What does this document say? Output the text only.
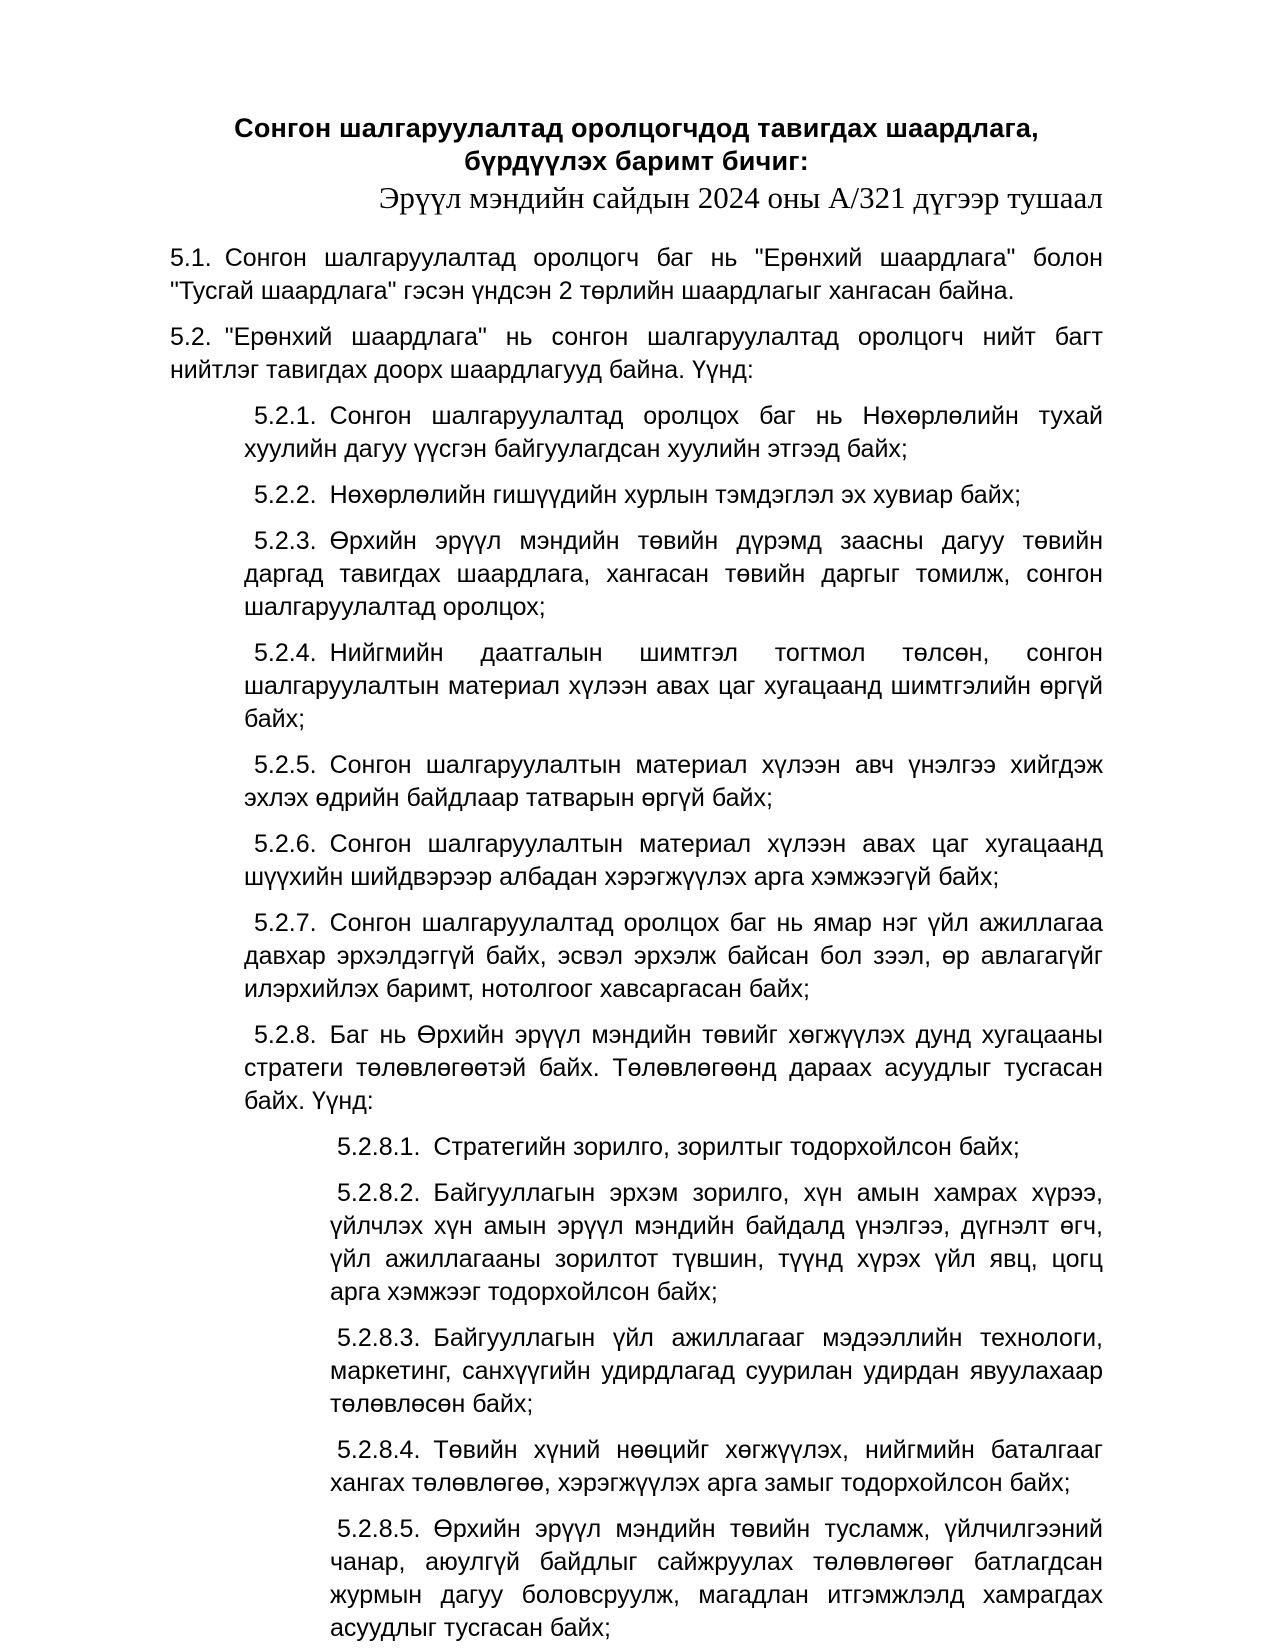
Сонгон шалгаруулалтад оролцогчдод тавигдах шаардлага,
бүрдүүлэх баримт бичиг:
Эрүүл мэндийн сайдын 2024 оны А/321 дүгээр тушаал

5.1. Сонгон шалгаруулалтад оролцогч баг нь "Ерөнхий шаардлага" болон "Тусгай шаардлага" гэсэн үндсэн 2 төрлийн шаардлагыг хангасан байна.

5.2. "Ерөнхий шаардлага" нь сонгон шалгаруулалтад оролцогч нийт багт нийтлэг тавигдах доорх шаардлагууд байна. Үүнд:

5.2.1. Сонгон шалгаруулалтад оролцох баг нь Нөхөрлөлийн тухай хуулийн дагуу үүсгэн байгуулагдсан хуулийн этгээд байх;

5.2.2. Нөхөрлөлийн гишүүдийн хурлын тэмдэглэл эх хувиар байх;

5.2.3. Өрхийн эрүүл мэндийн төвийн дүрэмд заасны дагуу төвийн даргад тавигдах шаардлага, хангасан төвийн даргыг томилж, сонгон шалгаруулалтад оролцох;

5.2.4. Нийгмийн даатгалын шимтгэл тогтмол төлсөн, сонгон шалгаруулалтын материал хүлээн авах цаг хугацаанд шимтгэлийн өргүй байх;

5.2.5. Сонгон шалгаруулалтын материал хүлээн авч үнэлгээ хийгдэж эхлэх өдрийн байдлаар татварын өргүй байх;

5.2.6. Сонгон шалгаруулалтын материал хүлээн авах цаг хугацаанд шүүхийн шийдвэрээр албадан хэрэгжүүлэх арга хэмжээгүй байх;

5.2.7. Сонгон шалгаруулалтад оролцох баг нь ямар нэг үйл ажиллагаа давхар эрхэлдэггүй байх, эсвэл эрхэлж байсан бол зээл, өр авлагагүйг илэрхийлэх баримт, нотолгоог хавсаргасан байх;

5.2.8. Баг нь Өрхийн эрүүл мэндийн төвийг хөгжүүлэх дунд хугацааны стратеги төлөвлөгөөтэй байх. Төлөвлөгөөнд дараах асуудлыг тусгасан байх. Үүнд:

5.2.8.1. Стратегийн зорилго, зорилтыг тодорхойлсон байх;

5.2.8.2. Байгууллагын эрхэм зорилго, хүн амын хамрах хүрээ, үйлчлэх хүн амын эрүүл мэндийн байдалд үнэлгээ, дүгнэлт өгч, үйл ажиллагааны зорилтот түвшин, түүнд хүрэх үйл явц, цогц арга хэмжээг тодорхойлсон байх;

5.2.8.3. Байгууллагын үйл ажиллагааг мэдээллийн технологи, маркетинг, санхүүгийн удирдлагад суурилан удирдан явуулахаар төлөвлөсөн байх;

5.2.8.4. Төвийн хүний нөөцийг хөгжүүлэх, нийгмийн баталгааг хангах төлөвлөгөө, хэрэгжүүлэх арга замыг тодорхойлсон байх;

5.2.8.5. Өрхийн эрүүл мэндийн төвийн тусламж, үйлчилгээний чанар, аюулгүй байдлыг сайжруулах төлөвлөгөөг батлагдсан журмын дагуу боловсруулж, магадлан итгэмжлэлд хамрагдах асуудлыг тусгасан байх;
